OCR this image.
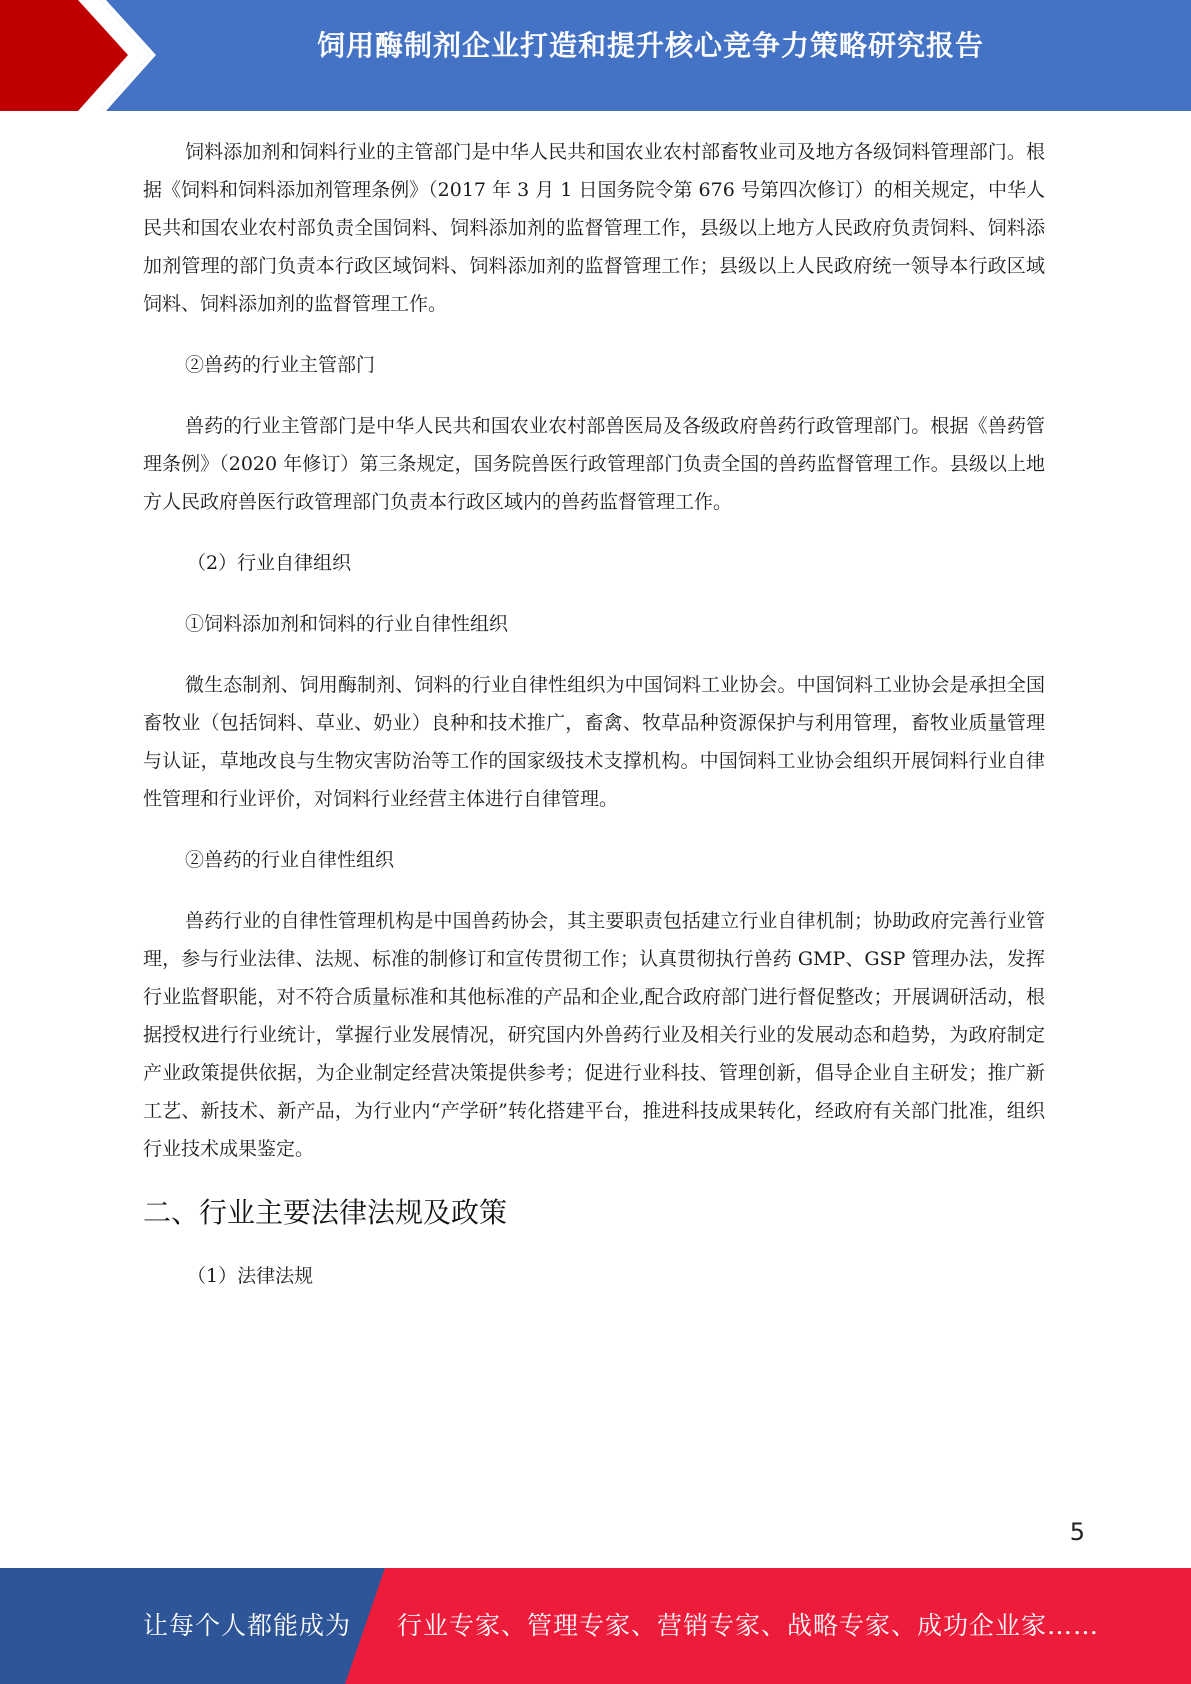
饲用酶制剂企业打造和提升核心竞争力策略研究报告

饲料添加剂和饲料行业的主管部门是中华人民共和国农业农村部畜牧业司及地方各级饲料管理部门。根据《饲料和饲料添加剂管理条例》（2017 年 3 月 1 日国务院令第 676 号第四次修订）的相关规定，中华人民共和国农业农村部负责全国饲料、饲料添加剂的监督管理工作，县级以上地方人民政府负责饲料、饲料添加剂管理的部门负责本行政区域饲料、饲料添加剂的监督管理工作；县级以上人民政府统一领导本行政区域饲料、饲料添加剂的监督管理工作。

②兽药的行业主管部门

兽药的行业主管部门是中华人民共和国农业农村部兽医局及各级政府兽药行政管理部门。根据《兽药管理条例》（2020 年修订）第三条规定，国务院兽医行政管理部门负责全国的兽药监督管理工作。县级以上地方人民政府兽医行政管理部门负责本行政区域内的兽药监督管理工作。

（2）行业自律组织

①饲料添加剂和饲料的行业自律性组织

微生态制剂、饲用酶制剂、饲料的行业自律性组织为中国饲料工业协会。中国饲料工业协会是承担全国畜牧业（包括饲料、草业、奶业）良种和技术推广，畜禽、牧草品种资源保护与利用管理，畜牧业质量管理与认证，草地改良与生物灾害防治等工作的国家级技术支撑机构。中国饲料工业协会组织开展饲料行业自律性管理和行业评价，对饲料行业经营主体进行自律管理。

②兽药的行业自律性组织

兽药行业的自律性管理机构是中国兽药协会，其主要职责包括建立行业自律机制；协助政府完善行业管理，参与行业法律、法规、标准的制修订和宣传贯彻工作；认真贯彻执行兽药 GMP、GSP 管理办法，发挥行业监督职能，对不符合质量标准和其他标准的产品和企业,配合政府部门进行督促整改；开展调研活动，根据授权进行行业统计，掌握行业发展情况，研究国内外兽药行业及相关行业的发展动态和趋势，为政府制定产业政策提供依据，为企业制定经营决策提供参考；促进行业科技、管理创新，倡导企业自主研发；推广新工艺、新技术、新产品，为行业内“产学研”转化搭建平台，推进科技成果转化，经政府有关部门批准，组织行业技术成果鉴定。

二、行业主要法律法规及政策

（1）法律法规

5
让每个人都能成为 行业专家、管理专家、营销专家、战略专家、成功企业家……
